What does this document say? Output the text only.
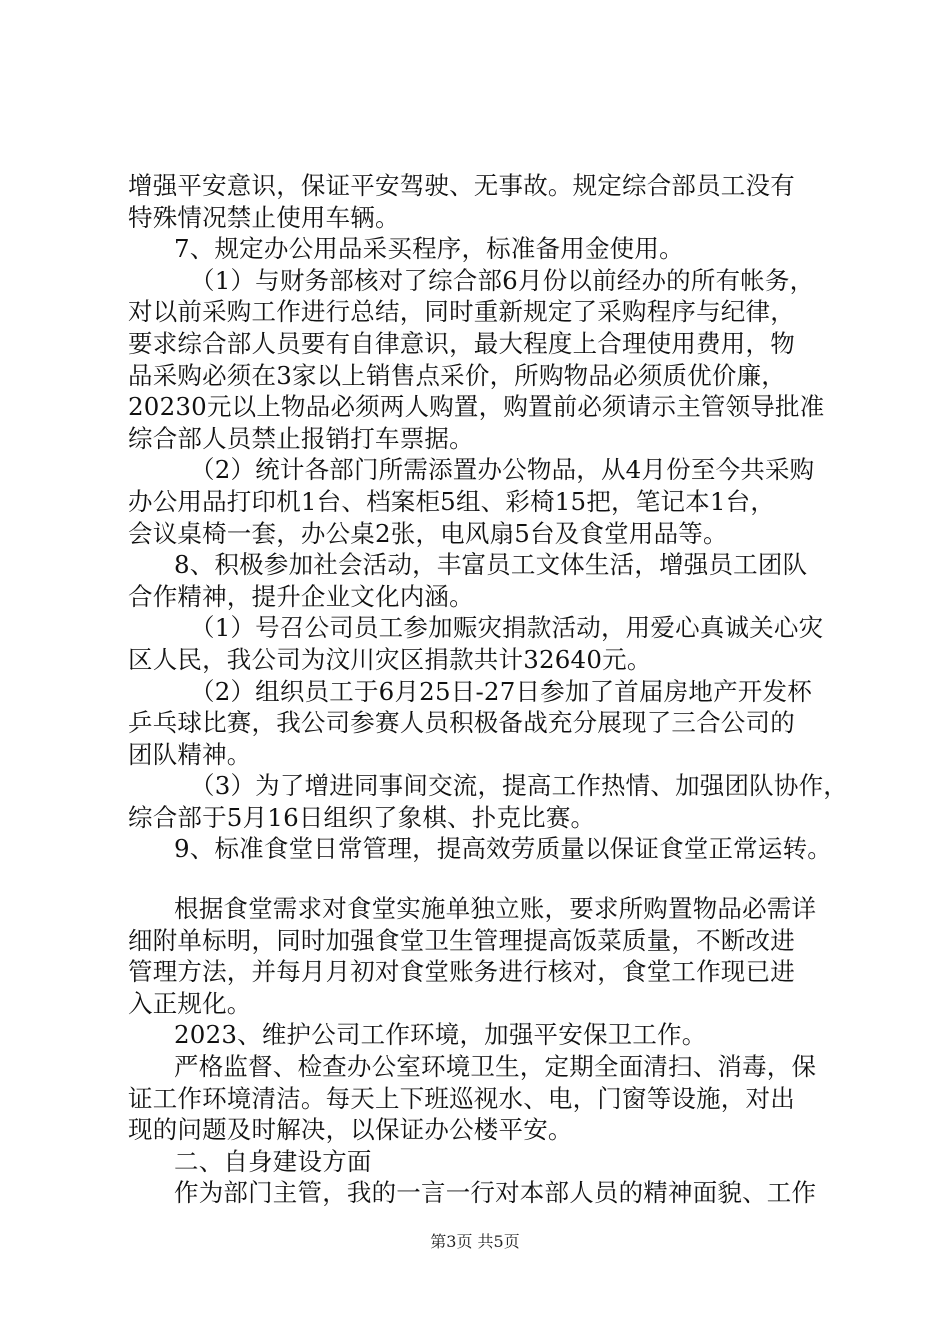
增强平安意识，保证平安驾驶、无事故。规定综合部员工没有
特殊情况禁止使用车辆。
7、规定办公用品采买程序，标准备用金使用。
（1）与财务部核对了综合部6月份以前经办的所有帐务，
对以前采购工作进行总结，同时重新规定了采购程序与纪律，
要求综合部人员要有自律意识，最大程度上合理使用费用，物
品采购必须在3家以上销售点采价，所购物品必须质优价廉，
20230元以上物品必须两人购置，购置前必须请示主管领导批准
综合部人员禁止报销打车票据。
（2）统计各部门所需添置办公物品，从4月份至今共采购
办公用品打印机1台、档案柜5组、彩椅15把，笔记本1台，
会议桌椅一套，办公桌2张，电风扇5台及食堂用品等。
8、积极参加社会活动，丰富员工文体生活，增强员工团队
合作精神，提升企业文化内涵。
（1）号召公司员工参加赈灾捐款活动，用爱心真诚关心灾
区人民，我公司为汶川灾区捐款共计32640元。
（2）组织员工于6月25日-27日参加了首届房地产开发杯
乒乓球比赛，我公司参赛人员积极备战充分展现了三合公司的
团队精神。
（3）为了增进同事间交流，提高工作热情、加强团队协作，
综合部于5月16日组织了象棋、扑克比赛。
9、标准食堂日常管理，提高效劳质量以保证食堂正常运转。
根据食堂需求对食堂实施单独立账，要求所购置物品必需详
细附单标明，同时加强食堂卫生管理提高饭菜质量，不断改进
管理方法，并每月月初对食堂账务进行核对，食堂工作现已进
入正规化。
2023、维护公司工作环境，加强平安保卫工作。
严格监督、检查办公室环境卫生，定期全面清扫、消毒，保
证工作环境清洁。每天上下班巡视水、电，门窗等设施，对出
现的问题及时解决，以保证办公楼平安。
二、自身建设方面
作为部门主管，我的一言一行对本部人员的精神面貌、工作
第3页 共5页
